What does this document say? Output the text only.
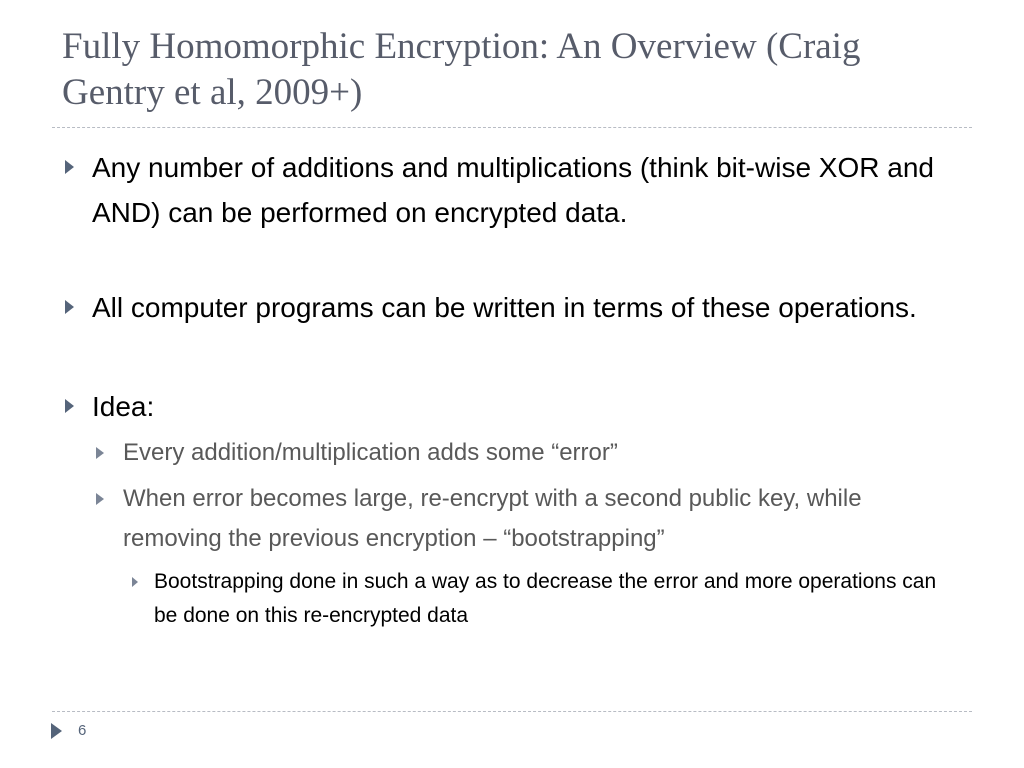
Fully Homomorphic Encryption: An Overview (Craig Gentry et al, 2009+)
Any number of additions and multiplications (think bit-wise XOR and AND) can be performed on encrypted data.
All computer programs can be written in terms of these operations.
Idea:
Every addition/multiplication adds some “error”
When error becomes large, re-encrypt with a second public key, while removing the previous encryption – “bootstrapping”
Bootstrapping done in such a way as to decrease the error and more operations can be done on this re-encrypted data
6
